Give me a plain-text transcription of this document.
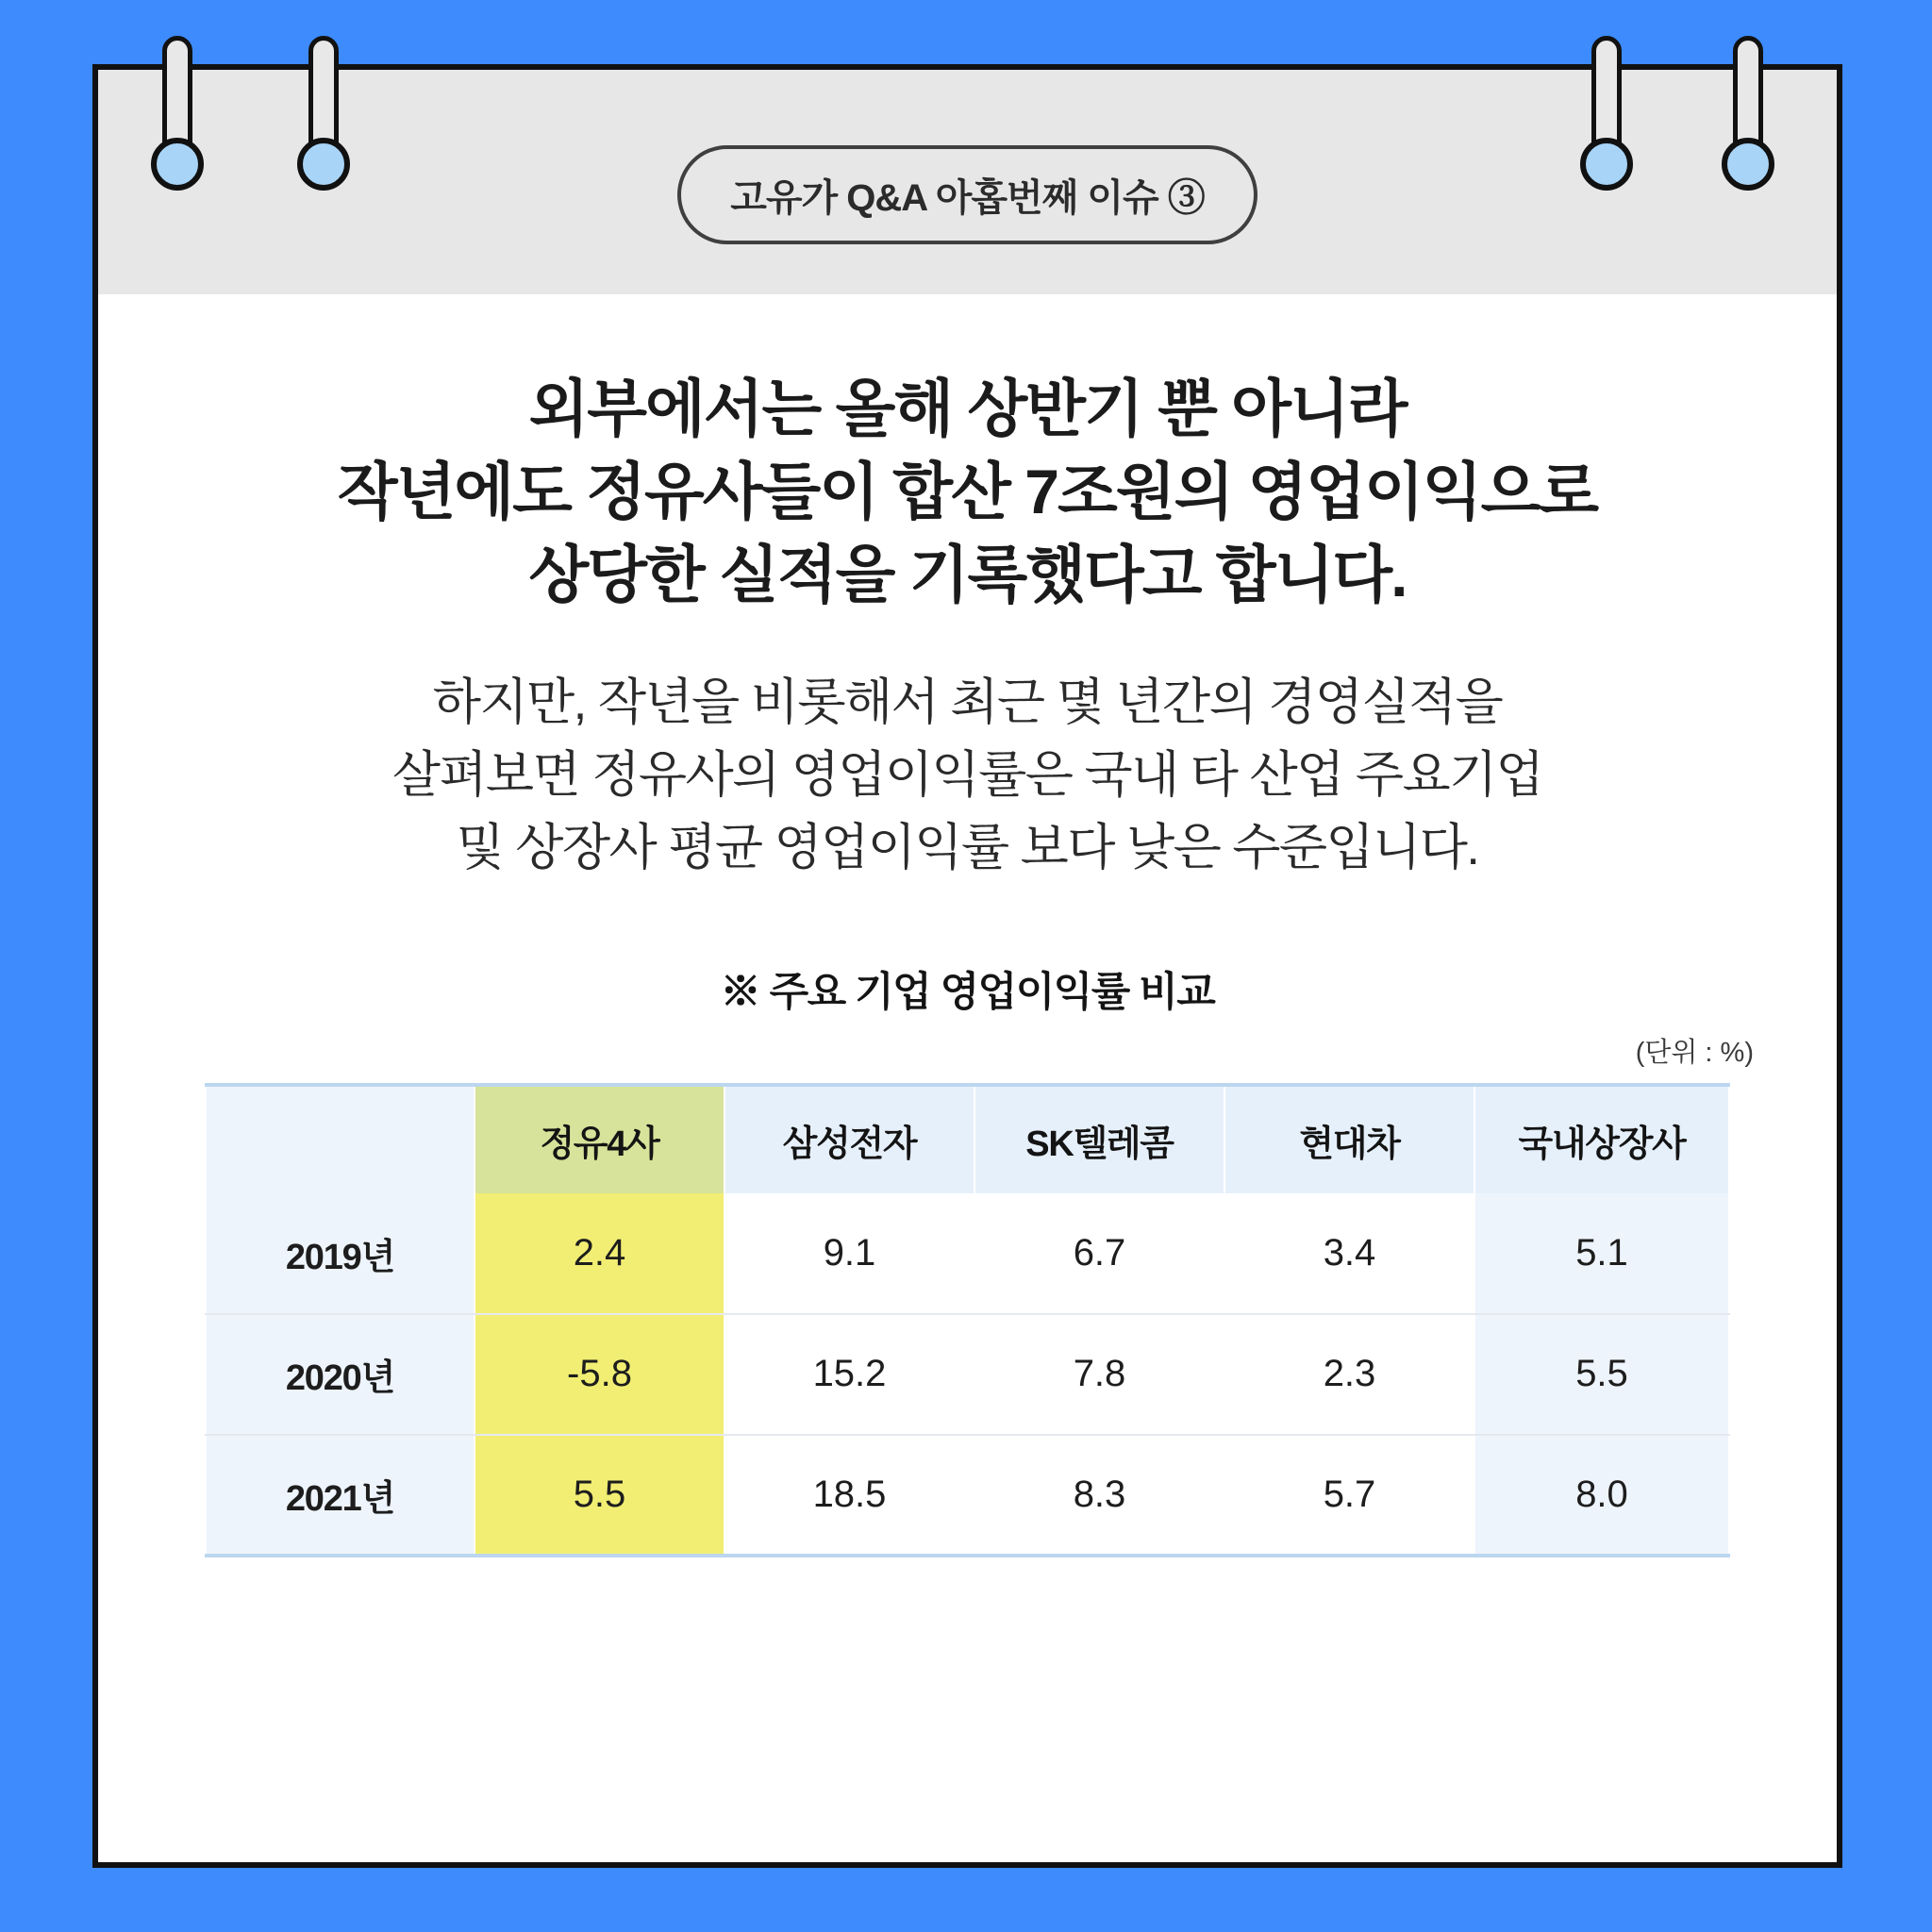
고유가 Q&A 아홉번째 이슈 ③
외부에서는 올해 상반기 뿐 아니라
작년에도 정유사들이 합산 7조원의 영업이익으로
상당한 실적을 기록했다고 합니다.
하지만, 작년을 비롯해서 최근 몇 년간의 경영실적을
살펴보면 정유사의 영업이익률은 국내 타 산업 주요기업
및 상장사 평균 영업이익률 보다 낮은 수준입니다.
※ 주요 기업 영업이익률 비교
(단위 : %)
	정유4사	삼성전자	SK텔레콤	현대차	국내상장사
2019년	2.4	9.1	6.7	3.4	5.1
2020년	-5.8	15.2	7.8	2.3	5.5
2021년	5.5	18.5	8.3	5.7	8.0
